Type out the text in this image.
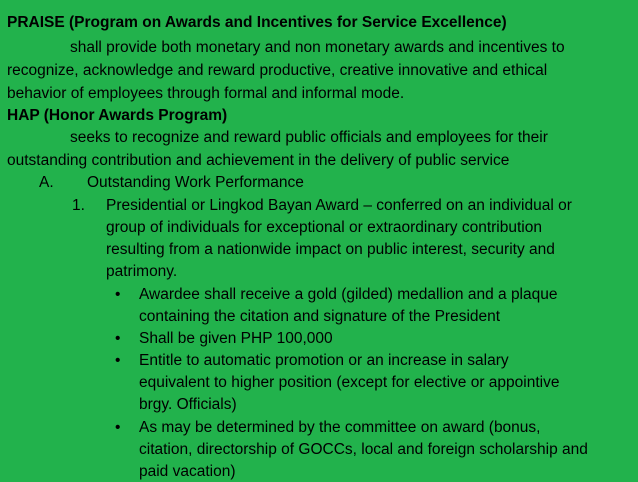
PRAISE (Program on Awards and Incentives for Service Excellence)
shall provide both monetary and non monetary awards and incentives to
recognize, acknowledge and reward productive, creative innovative and ethical
behavior of employees through formal and informal mode.
HAP (Honor Awards Program)
seeks to recognize and reward public officials and employees for their
outstanding contribution and achievement in the delivery of public service
A. Outstanding Work Performance
1. Presidential or Lingkod Bayan Award – conferred on an individual or
group of individuals for exceptional or extraordinary contribution
resulting from a nationwide impact on public interest, security and
patrimony.
• Awardee shall receive a gold (gilded) medallion and a plaque
containing the citation and signature of the President
• Shall be given PHP 100,000
• Entitle to automatic promotion or an increase in salary
equivalent to higher position (except for elective or appointive
brgy. Officials)
• As may be determined by the committee on award (bonus,
citation, directorship of GOCCs, local and foreign scholarship and
paid vacation)
